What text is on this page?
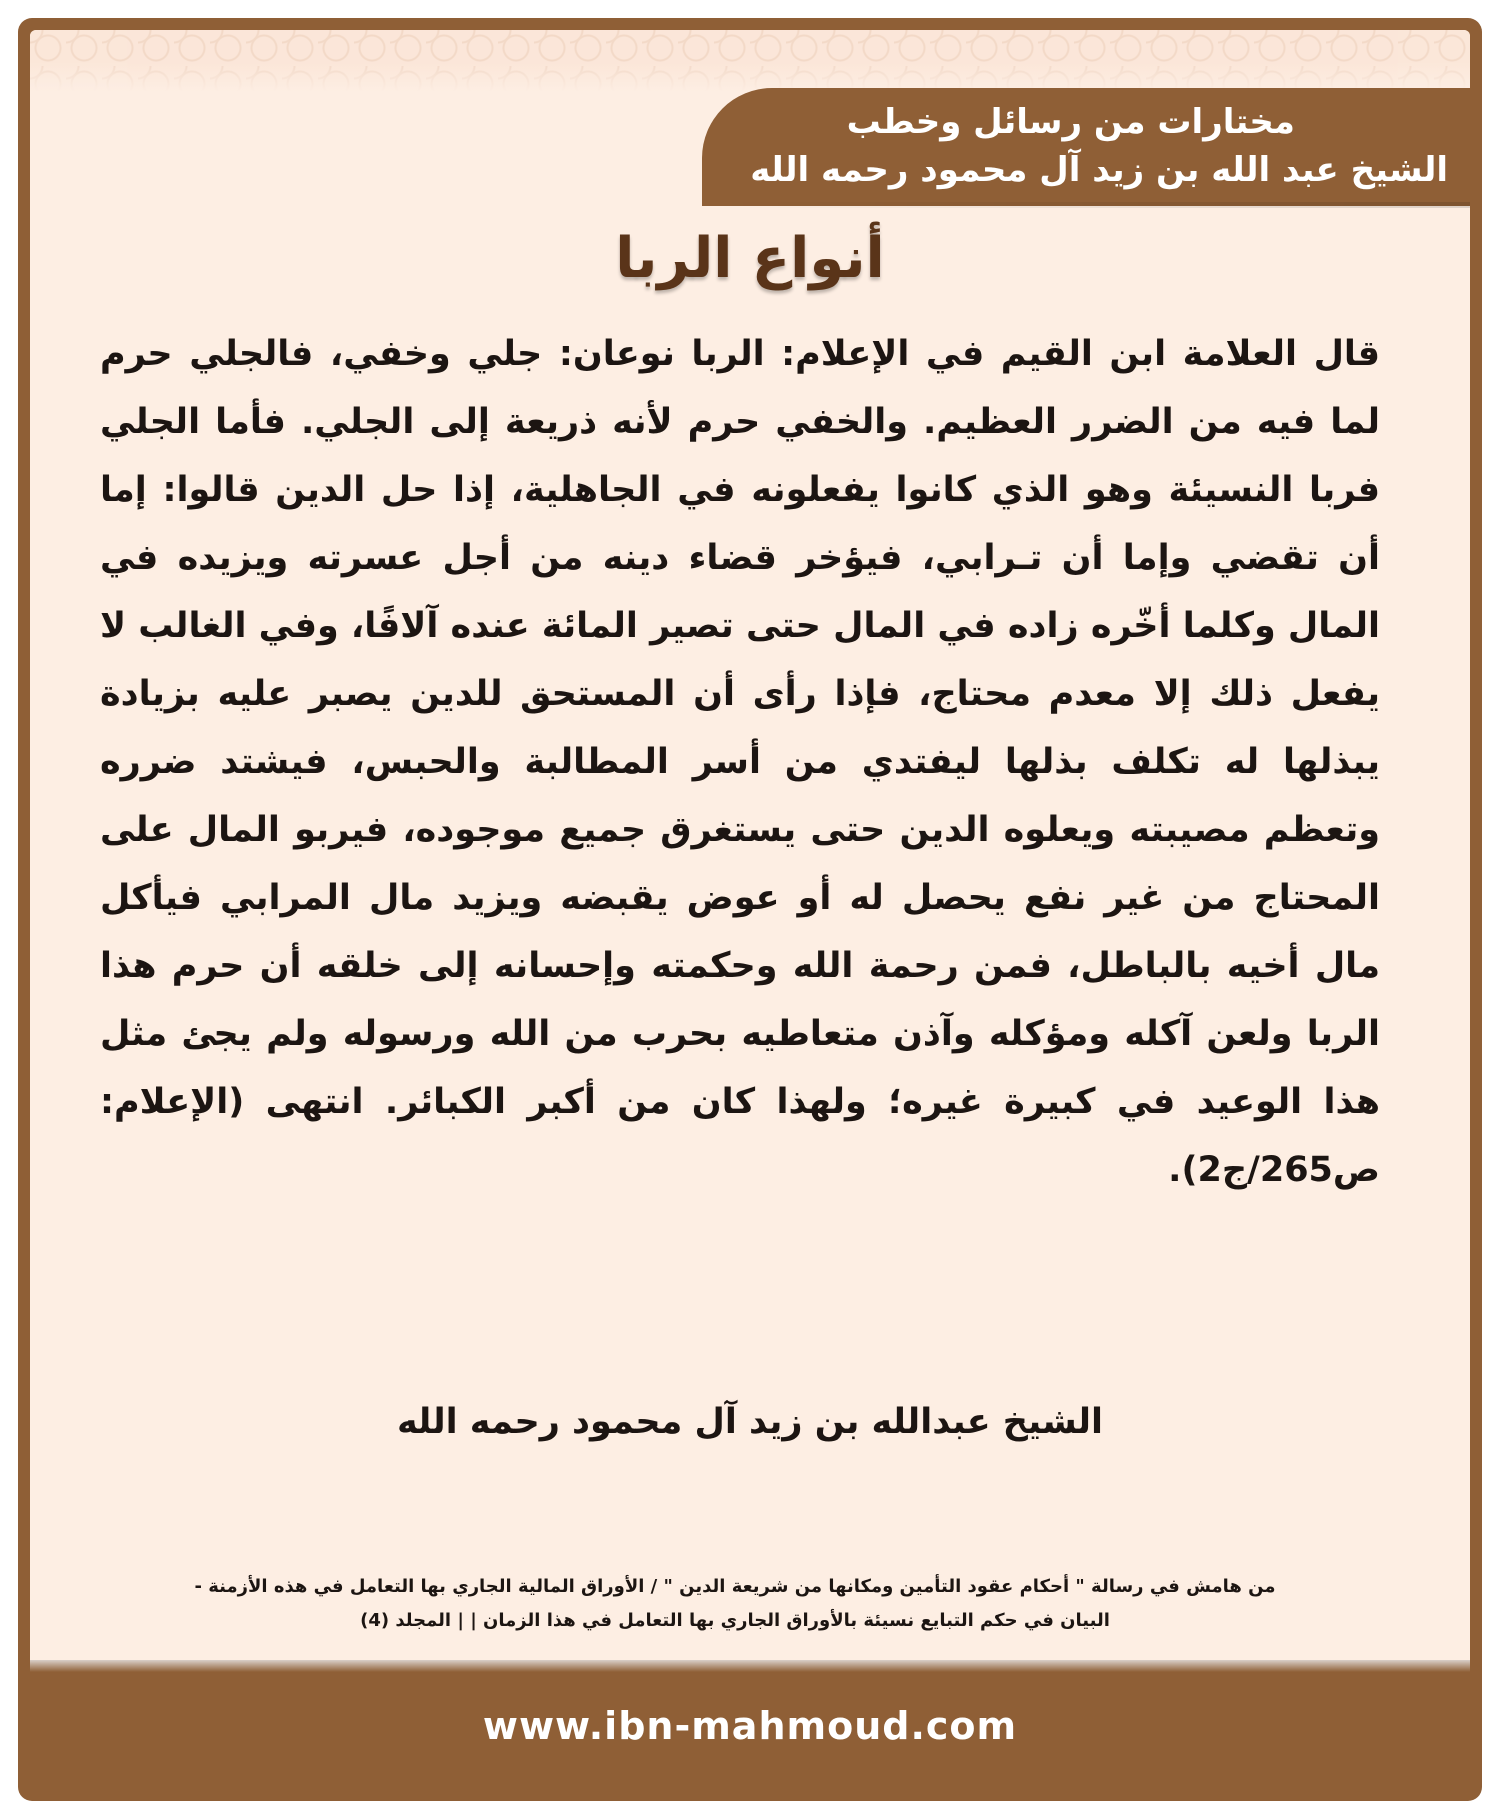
مختارات من رسائل وخطب
الشيخ عبد الله بن زيد آل محمود رحمه الله
أنواع الربا

قال العلامة ابن القيم في الإعلام: الربا نوعان: جلي وخفي، فالجلي حرم لما فيه من الضرر العظيم. والخفي حرم لأنه ذريعة إلى الجلي. فأما الجلي فربا النسيئة وهو الذي كانوا يفعلونه في الجاهلية، إذا حل الدين قالوا: إما أن تقضي وإما أن تـرابي، فيؤخر قضاء دينه من أجل عسرته ويزيده في المال وكلما أخّره زاده في المال حتى تصير المائة عنده آلافًا، وفي الغالب لا يفعل ذلك إلا معدم محتاج، فإذا رأى أن المستحق للدين يصبر عليه بزيادة يبذلها له تكلف بذلها ليفتدي من أسر المطالبة والحبس، فيشتد ضرره وتعظم مصيبته ويعلوه الدين حتى يستغرق جميع موجوده، فيربو المال على المحتاج من غير نفع يحصل له أو عوض يقبضه ويزيد مال المرابي فيأكل مال أخيه بالباطل، فمن رحمة الله وحكمته وإحسانه إلى خلقه أن حرم هذا الربا ولعن آكله ومؤكله وآذن متعاطيه بحرب من الله ورسوله ولم يجئ مثل هذا الوعيد في كبيرة غيره؛ ولهذا كان من أكبر الكبائر. انتهى (الإعلام: ص265/ج2).

الشيخ عبدالله بن زيد آل محمود رحمه الله
من هامش في رسالة " أحكام عقود التأمين ومكانها من شريعة الدين " / الأوراق المالية الجاري بها التعامل في هذه الأزمنة -
البيان في حكم التبايع نسيئة بالأوراق الجاري بها التعامل في هذا الزمان | | المجلد (4)
www.ibn-mahmoud.com
